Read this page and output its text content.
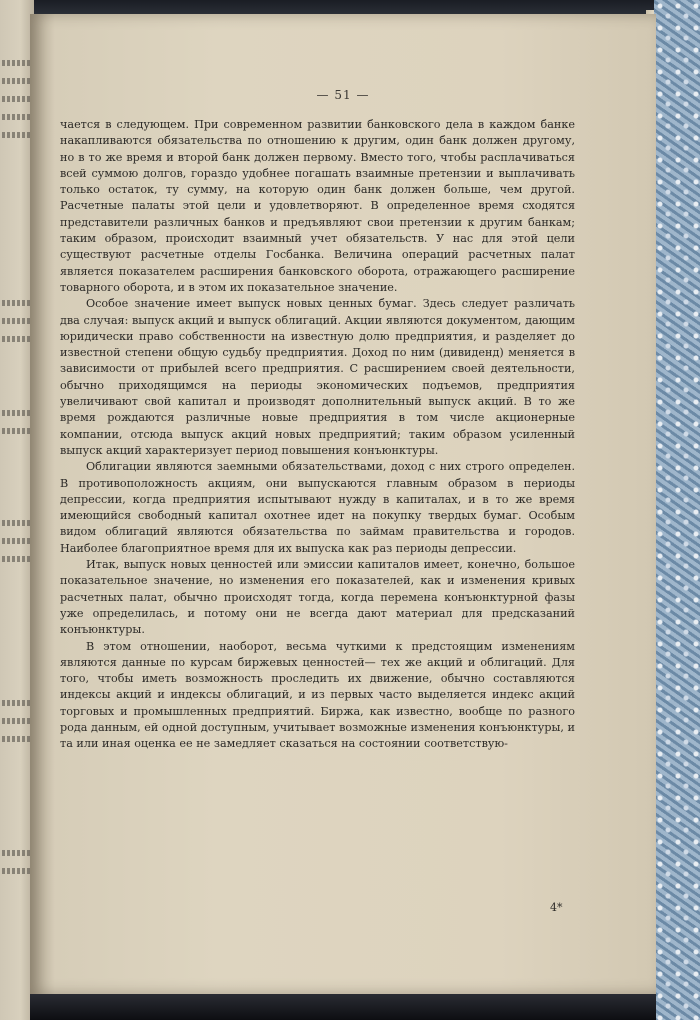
— 51 —

чается в следующем. При современном развитии банковского дела в каждом банке накапливаются обязательства по отношению к другим, один банк должен другому, но в то же время и второй банк должен первому. Вместо того, чтобы расплачиваться всей суммою долгов, гораздо удобнее погашать взаимные претензии и выплачивать только остаток, ту сумму, на которую один банк должен больше, чем другой. Расчетные палаты этой цели и удовлетворяют. В определенное время сходятся представители различных банков и предъявляют свои претензии к другим банкам; таким образом, происходит взаимный учет обязательств. У нас для этой цели существуют расчетные отделы Госбанка. Величина операций расчетных палат является показателем расширения банковского оборота, отражающего расширение товарного оборота, и в этом их показательное значение.

Особое значение имеет выпуск новых ценных бумаг. Здесь следует различать два случая: выпуск акций и выпуск облигаций. Акции являются документом, дающим юридически право собственности на известную долю предприятия, и разделяет до известной степени общую судьбу предприятия. Доход по ним (дивиденд) меняется в зависимости от прибылей всего предприятия. С расширением своей деятельности, обычно приходящимся на периоды экономических подъемов, предприятия увеличивают свой капитал и производят дополнительный выпуск акций. В то же время рождаются различные новые предприятия в том числе акционерные компании, отсюда выпуск акций новых предприятий; таким образом усиленный выпуск акций характеризует период повышения конъюнктуры.

Облигации являются заемными обязательствами, доход с них строго определен. В противоположность акциям, они выпускаются главным образом в периоды депрессии, когда предприятия испытывают нужду в капиталах, и в то же время имеющийся свободный капитал охотнее идет на покупку твердых бумаг. Особым видом облигаций являются обязательства по займам правительства и городов. Наиболее благоприятное время для их выпуска как раз периоды депрессии.

Итак, выпуск новых ценностей или эмиссии капиталов имеет, конечно, большое показательное значение, но изменения его показателей, как и изменения кривых расчетных палат, обычно происходят тогда, когда перемена конъюнктурной фазы уже определилась, и потому они не всегда дают материал для предсказаний конъюнктуры.

В этом отношении, наоборот, весьма чуткими к предстоящим изменениям являются данные по курсам биржевых ценностей— тех же акций и облигаций. Для того, чтобы иметь возможность проследить их движение, обычно составляются индексы акций и индексы облигаций, и из первых часто выделяется индекс акций торговых и промышленных предприятий. Биржа, как известно, вообще по разного рода данным, ей одной доступным, учитывает возможные изменения конъюнктуры, и та или иная оценка ее не замедляет сказаться на состоянии соответствую-

4*
